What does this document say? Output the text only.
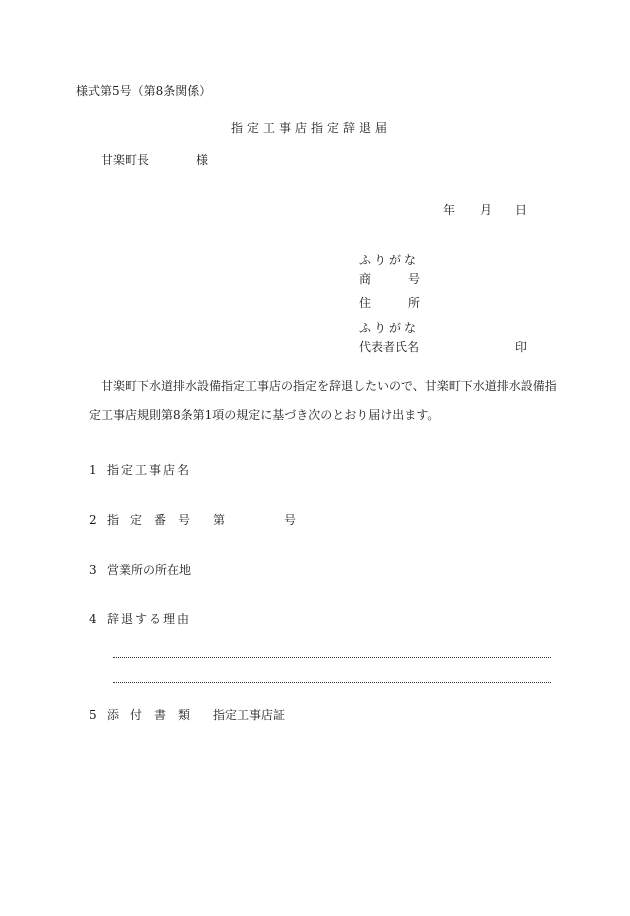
様式第5号（第8条関係）
指定工事店指定辞退届
甘楽町長	様
年 月 日
ふりがな
商	号
住	所
ふりがな
代表者氏名	印
甘楽町下水道排水設備指定工事店の指定を辞退したいので、甘楽町下水道排水設備指
定工事店規則第8条第1項の規定に基づき次のとおり届け出ます。
1 指定工事店名
2 指 定 番 号 第	号
3 営業所の所在地
4 辞退する理由
5 添 付 書 類 指定工事店証
